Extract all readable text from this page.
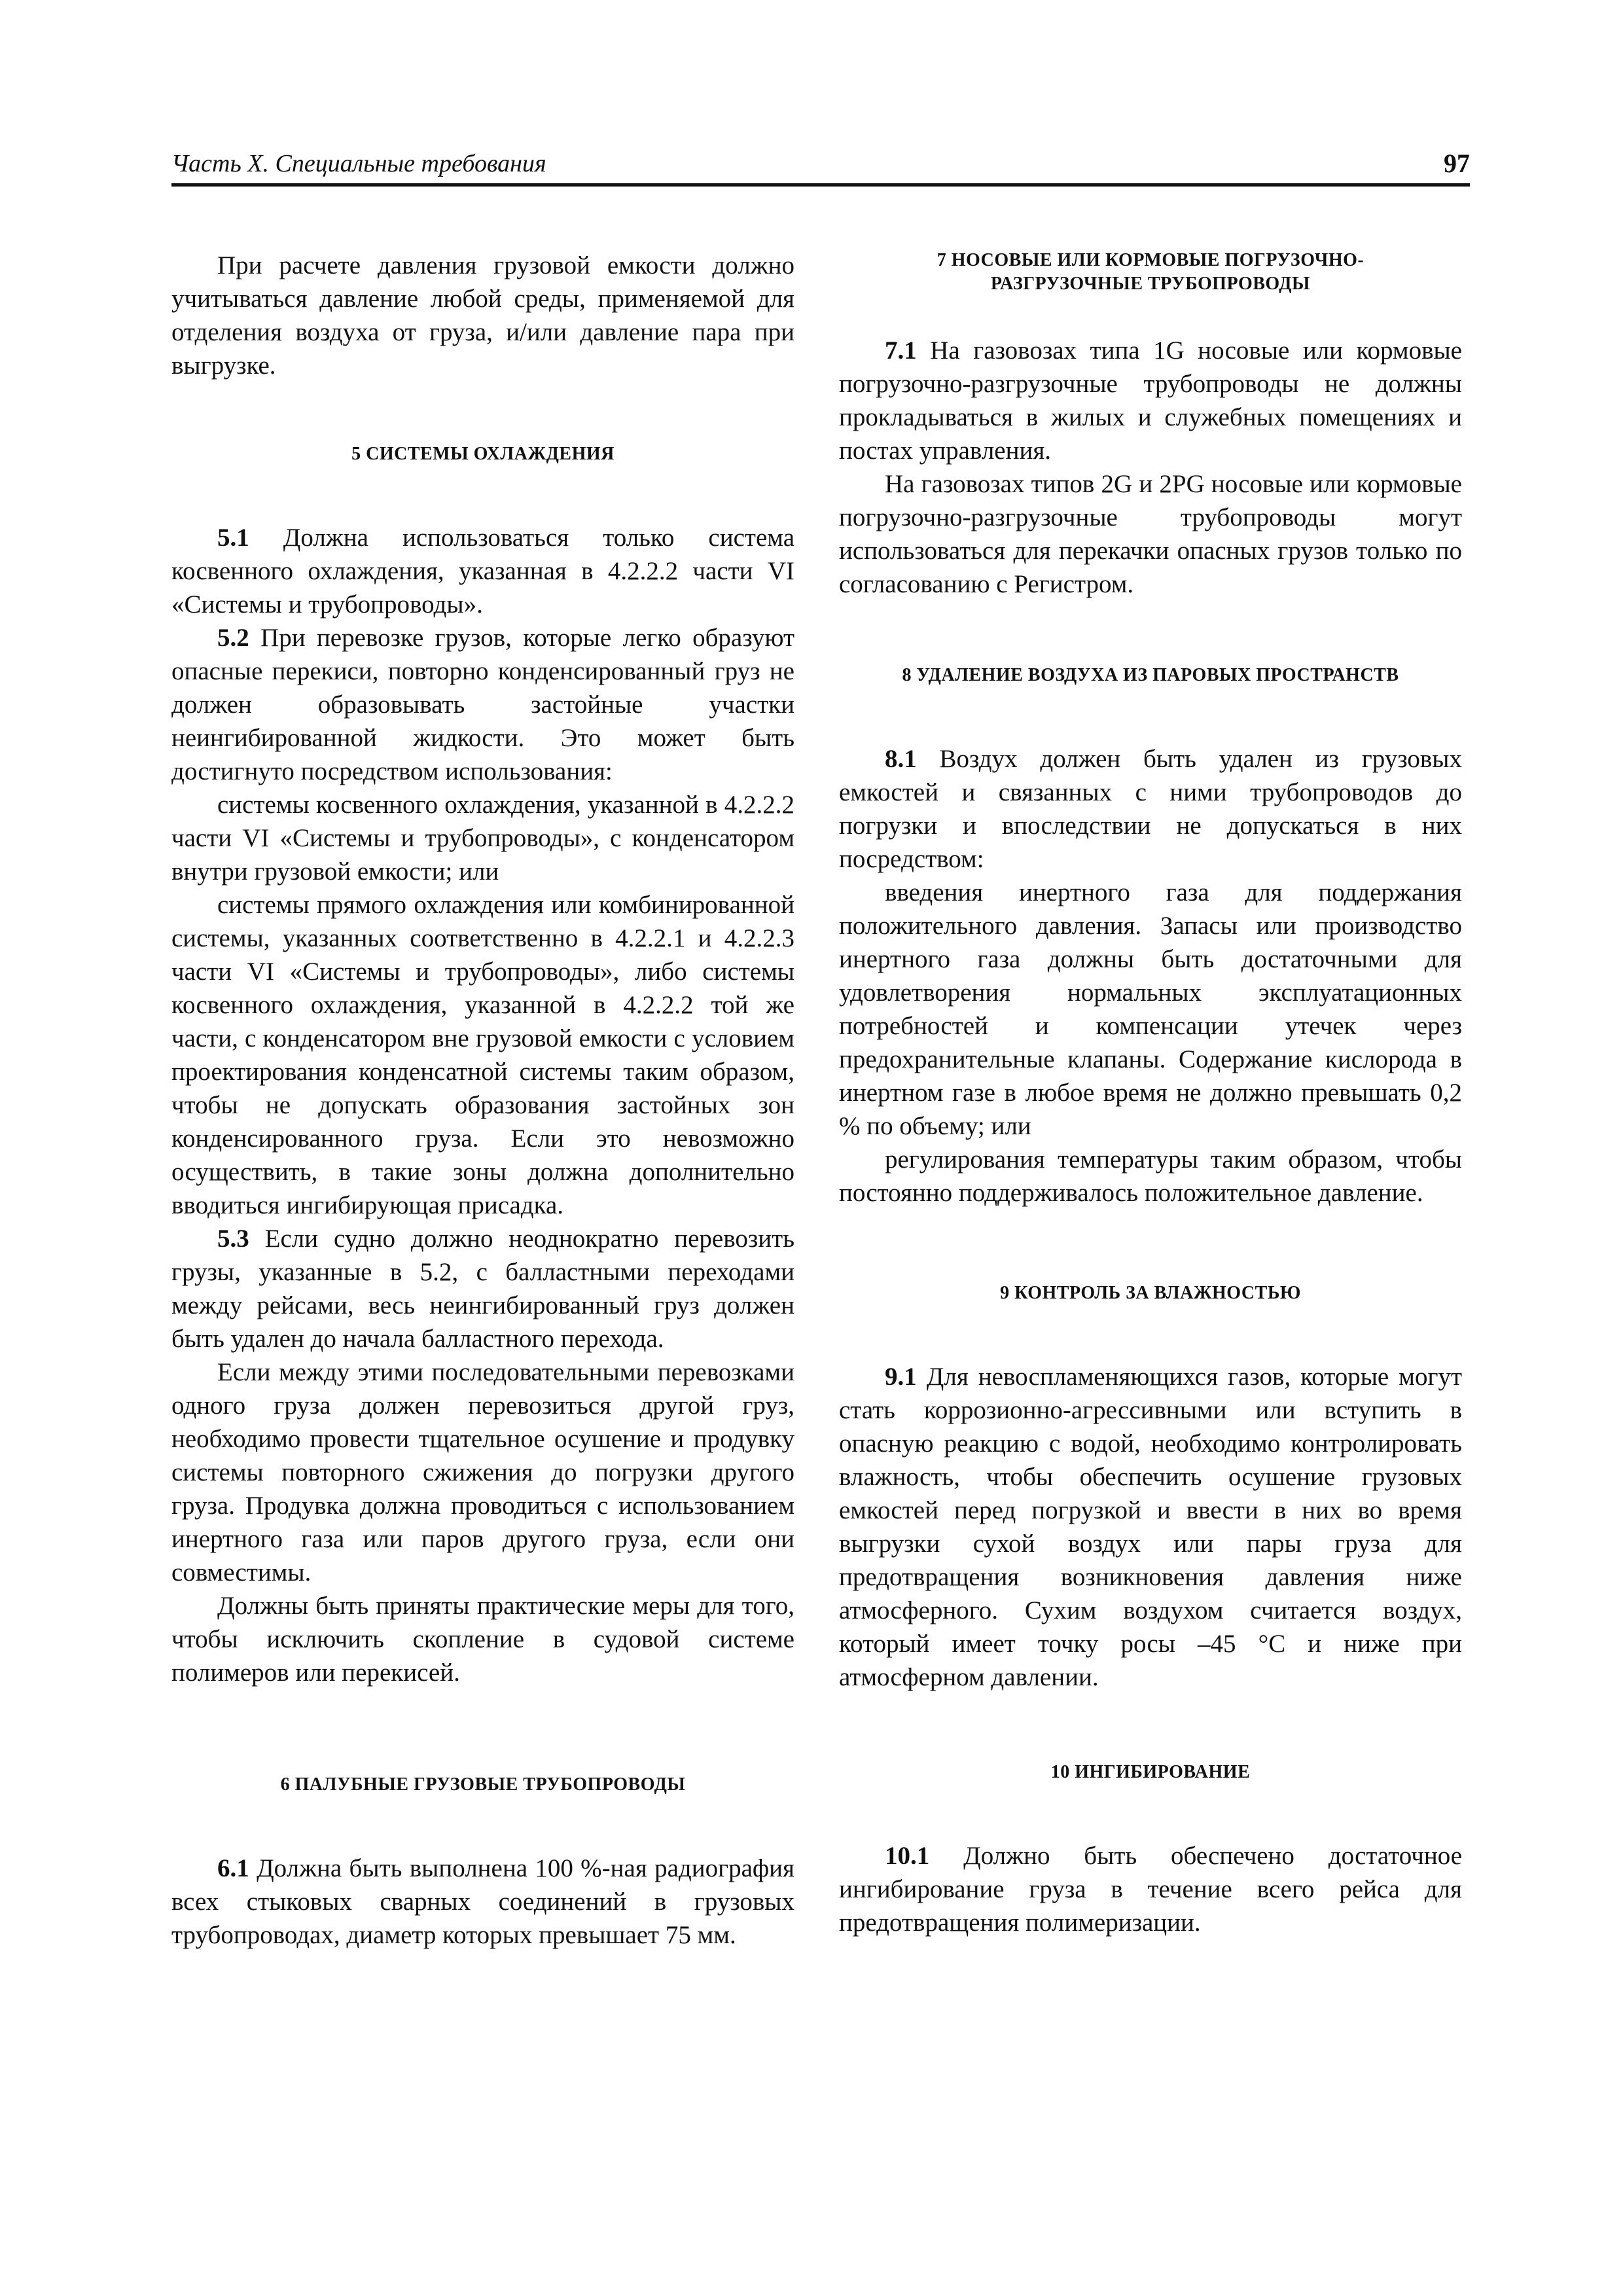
Часть X. Специальные требования	97

При расчете давления грузовой емкости должно учитываться давление любой среды, применяемой для отделения воздуха от груза, и/или давление пара при выгрузке.

5 СИСТЕМЫ ОХЛАЖДЕНИЯ

5.1 Должна использоваться только система косвенного охлаждения, указанная в 4.2.2.2 части VI «Системы и трубопроводы».

5.2 При перевозке грузов, которые легко образуют опасные перекиси, повторно конденсированный груз не должен образовывать застойные участки неингибированной жидкости. Это может быть достигнуто посредством использования:

системы косвенного охлаждения, указанной в 4.2.2.2 части VI «Системы и трубопроводы», с конденсатором внутри грузовой емкости; или

системы прямого охлаждения или комбинированной системы, указанных соответственно в 4.2.2.1 и 4.2.2.3 части VI «Системы и трубопроводы», либо системы косвенного охлаждения, указанной в 4.2.2.2 той же части, с конденсатором вне грузовой емкости с условием проектирования конденсатной системы таким образом, чтобы не допускать образования застойных зон конденсированного груза. Если это невозможно осуществить, в такие зоны должна дополнительно вводиться ингибирующая присадка.

5.3 Если судно должно неоднократно перевозить грузы, указанные в 5.2, с балластными переходами между рейсами, весь неингибированный груз должен быть удален до начала балластного перехода.

Если между этими последовательными перевозками одного груза должен перевозиться другой груз, необходимо провести тщательное осушение и продувку системы повторного сжижения до погрузки другого груза. Продувка должна проводиться с использованием инертного газа или паров другого груза, если они совместимы.

Должны быть приняты практические меры для того, чтобы исключить скопление в судовой системе полимеров или перекисей.

6 ПАЛУБНЫЕ ГРУЗОВЫЕ ТРУБОПРОВОДЫ

6.1 Должна быть выполнена 100 %-ная радиография всех стыковых сварных соединений в грузовых трубопроводах, диаметр которых превышает 75 мм.

7 НОСОВЫЕ ИЛИ КОРМОВЫЕ ПОГРУЗОЧНО-
РАЗГРУЗОЧНЫЕ ТРУБОПРОВОДЫ

7.1 На газовозах типа 1G носовые или кормовые погрузочно-разгрузочные трубопроводы не должны прокладываться в жилых и служебных помещениях и постах управления.

На газовозах типов 2G и 2PG носовые или кормовые погрузочно-разгрузочные трубопроводы могут использоваться для перекачки опасных грузов только по согласованию с Регистром.

8 УДАЛЕНИЕ ВОЗДУХА ИЗ ПАРОВЫХ ПРОСТРАНСТВ

8.1 Воздух должен быть удален из грузовых емкостей и связанных с ними трубопроводов до погрузки и впоследствии не допускаться в них посредством:

введения инертного газа для поддержания положительного давления. Запасы или производство инертного газа должны быть достаточными для удовлетворения нормальных эксплуатационных потребностей и компенсации утечек через предохранительные клапаны. Содержание кислорода в инертном газе в любое время не должно превышать 0,2 % по объему; или

регулирования температуры таким образом, чтобы постоянно поддерживалось положительное давление.

9 КОНТРОЛЬ ЗА ВЛАЖНОСТЬЮ

9.1 Для невоспламеняющихся газов, которые могут стать коррозионно-агрессивными или вступить в опасную реакцию с водой, необходимо контролировать влажность, чтобы обеспечить осушение грузовых емкостей перед погрузкой и ввести в них во время выгрузки сухой воздух или пары груза для предотвращения возникновения давления ниже атмосферного. Сухим воздухом считается воздух, который имеет точку росы –45 °С и ниже при атмосферном давлении.

10 ИНГИБИРОВАНИЕ

10.1 Должно быть обеспечено достаточное ингибирование груза в течение всего рейса для предотвращения полимеризации.
